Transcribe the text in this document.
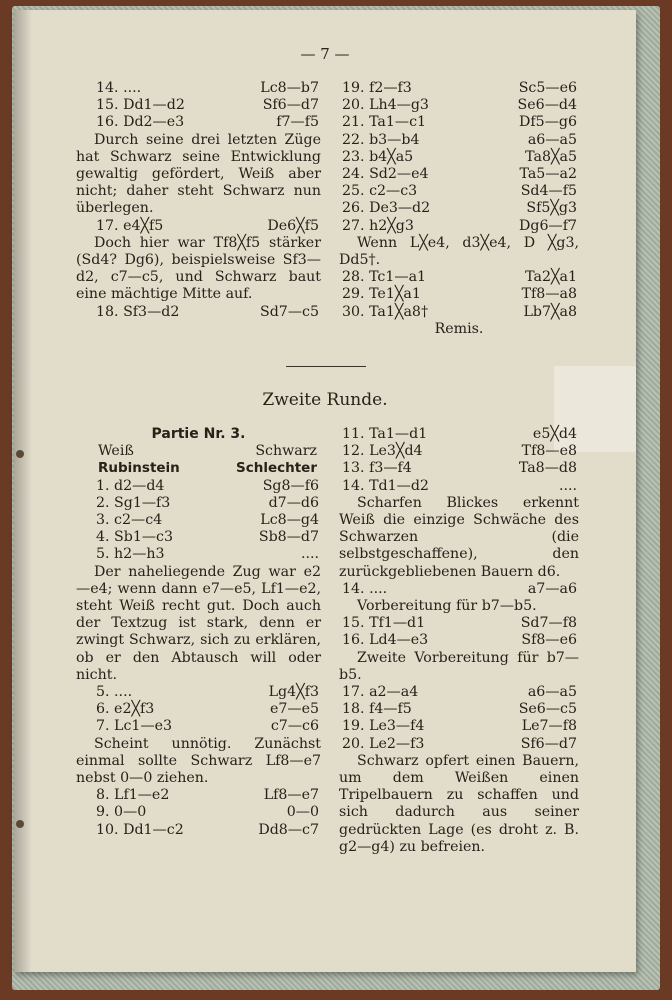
— 7 —
14. ....	Lc8—b7
15. Dd1—d2	Sf6—d7
16. Dd2—e3	f7—f5
Durch seine drei letzten Züge hat Schwarz seine Entwicklung gewaltig gefördert, Weiß aber nicht; daher steht Schwarz nun überlegen.
17. e4╳f5	De6╳f5
Doch hier war Tf8╳f5 stärker (Sd4? Dg6), beispielsweise Sf3—d2, c7—c5, und Schwarz baut eine mächtige Mitte auf.
18. Sf3—d2	Sd7—c5
19. f2—f3	Sc5—e6
20. Lh4—g3	Se6—d4
21. Ta1—c1	Df5—g6
22. b3—b4	a6—a5
23. b4╳a5	Ta8╳a5
24. Sd2—e4	Ta5—a2
25. c2—c3	Sd4—f5
26. De3—d2	Sf5╳g3
27. h2╳g3	Dg6—f7
Wenn L╳e4, d3╳e4, D ╳g3, Dd5†.
28. Tc1—a1	Ta2╳a1
29. Te1╳a1	Tf8—a8
30. Ta1╳a8†	Lb7╳a8
Remis.
Zweite Runde.
Partie Nr. 3.
Weiß	Schwarz
Rubinstein	Schlechter
1. d2—d4	Sg8—f6
2. Sg1—f3	d7—d6
3. c2—c4	Lc8—g4
4. Sb1—c3	Sb8—d7
5. h2—h3	....
Der naheliegende Zug war e2—e4; wenn dann e7—e5, Lf1—e2, steht Weiß recht gut. Doch auch der Textzug ist stark, denn er zwingt Schwarz, sich zu erklären, ob er den Abtausch will oder nicht.
5. ....	Lg4╳f3
6. e2╳f3	e7—e5
7. Lc1—e3	c7—c6
Scheint unnötig. Zunächst einmal sollte Schwarz Lf8—e7 nebst 0—0 ziehen.
8. Lf1—e2	Lf8—e7
9. 0—0	0—0
10. Dd1—c2	Dd8—c7
11. Ta1—d1	e5╳d4
12. Le3╳d4	Tf8—e8
13. f3—f4	Ta8—d8
14. Td1—d2	....
Scharfen Blickes erkennt Weiß die einzige Schwäche des Schwarzen (die selbstgeschaffene), den zurückgebliebenen Bauern d6.
14. ....	a7—a6
Vorbereitung für b7—b5.
15. Tf1—d1	Sd7—f8
16. Ld4—e3	Sf8—e6
Zweite Vorbereitung für b7—b5.
17. a2—a4	a6—a5
18. f4—f5	Se6—c5
19. Le3—f4	Le7—f8
20. Le2—f3	Sf6—d7
Schwarz opfert einen Bauern, um dem Weißen einen Tripelbauern zu schaffen und sich dadurch aus seiner gedrückten Lage (es droht z. B. g2—g4) zu befreien.
